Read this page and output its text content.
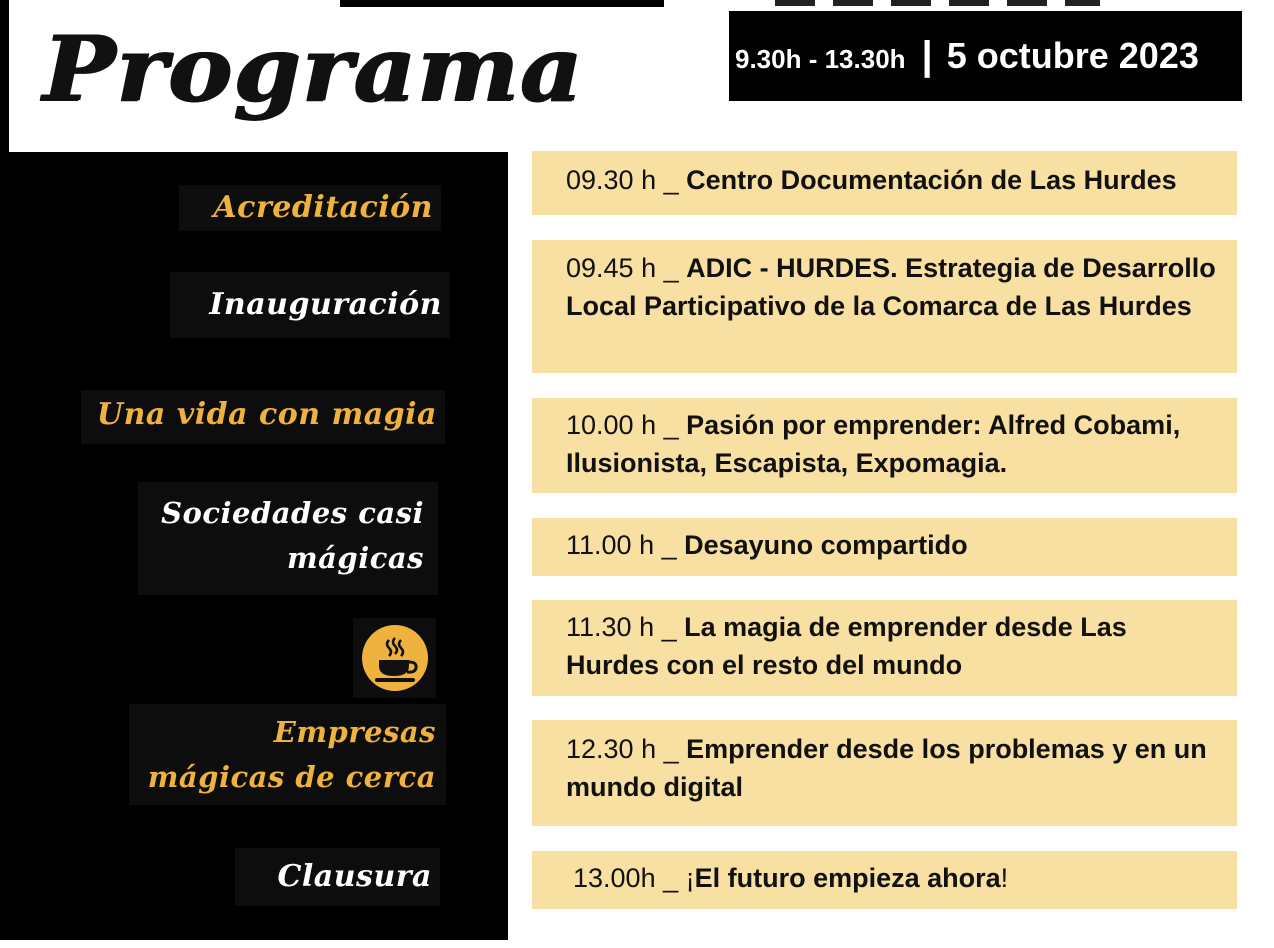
Programa	9.30h - 13.30h | 5 octubre 2023
Acreditación
Inauguración
Una vida con magia
Sociedades casi
mágicas
Empresas
mágicas de cerca
Clausura
09.30 h _ Centro Documentación de Las Hurdes
09.45 h _ ADIC - HURDES. Estrategia de Desarrollo Local Participativo de la Comarca de Las Hurdes
10.00 h _ Pasión por emprender: Alfred Cobami, Ilusionista, Escapista, Expomagia.
11.00 h _ Desayuno compartido
11.30 h _ La magia de emprender desde Las Hurdes con el resto del mundo
12.30 h _ Emprender desde los problemas y en un mundo digital
13.00h _ ¡El futuro empieza ahora!
